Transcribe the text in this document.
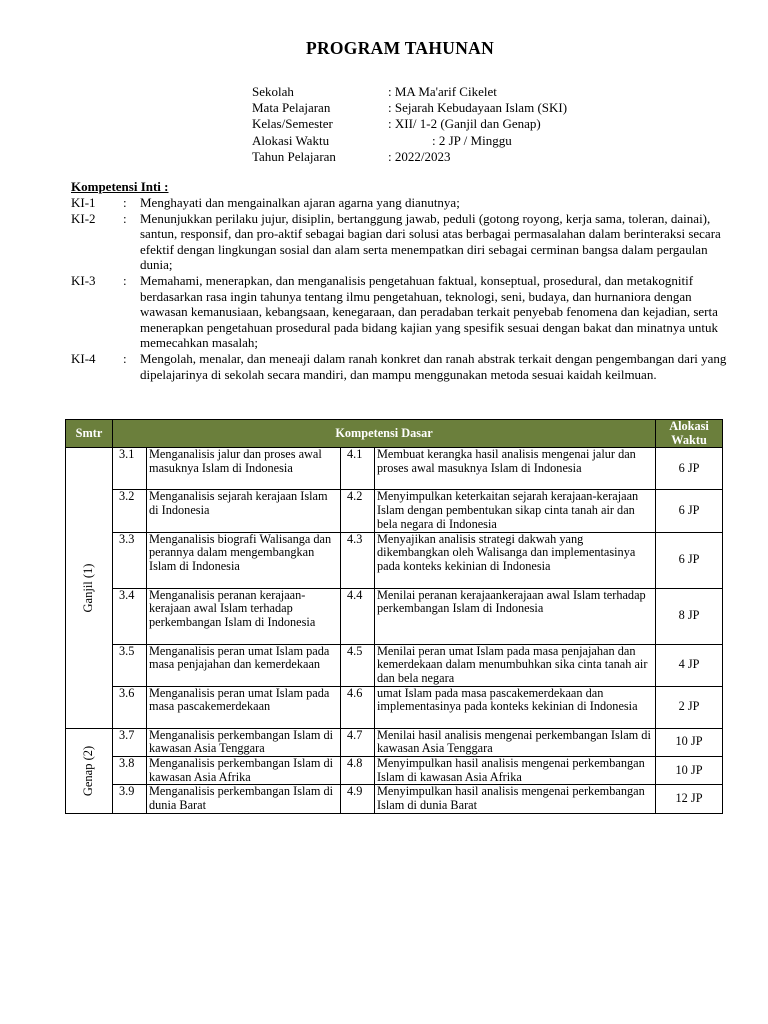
PROGRAM TAHUNAN
Sekolah	: MA Ma'arif Cikelet
Mata Pelajaran	: Sejarah Kebudayaan Islam (SKI)
Kelas/Semester	: XII/ 1-2 (Ganjil dan Genap)
Alokasi Waktu	: 2 JP / Minggu
Tahun Pelajaran	: 2022/2023
Kompetensi Inti :
KI-1	:	Menghayati dan mengainalkan ajaran agarna yang dianutnya;
KI-2	:	Menunjukkan perilaku jujur, disiplin, bertanggung jawab, peduli (gotong royong, kerja sama, toleran, dainai), santun, responsif, dan pro-aktif sebagai bagian dari solusi atas berbagai permasalahan dalam berinteraksi secara efektif dengan lingkungan sosial dan alam serta menempatkan diri sebagai cerminan bangsa dalam pergaulan dunia;
KI-3	:	Memahami, menerapkan, dan menganalisis pengetahuan faktual, konseptual, prosedural, dan metakognitif berdasarkan rasa ingin tahunya tentang ilmu pengetahuan, teknologi, seni, budaya, dan hurnaniora dengan wawasan kemanusiaan, kebangsaan, kenegaraan, dan peradaban terkait penyebab fenomena dan kejadian, serta menerapkan pengetahuan prosedural pada bidang kajian yang spesifik sesuai dengan bakat dan minatnya untuk memecahkan masalah;
KI-4	:	Mengolah, menalar, dan meneaji dalam ranah konkret dan ranah abstrak terkait dengan pengembangan dari yang dipelajarinya di sekolah secara mandiri, dan mampu menggunakan metoda sesuai kaidah keilmuan.
Smtr	Kompetensi Dasar				Alokasi
Waktu

Ganjil (1)	3.1	Menganalisis jalur dan proses awal masuknya Islam di Indonesia	4.1	Membuat kerangka hasil analisis mengenai jalur dan proses awal masuknya Islam di Indonesia	6 JP
	3.2	Menganalisis sejarah kerajaan Islam di Indonesia	4.2	Menyimpulkan keterkaitan sejarah kerajaan-kerajaan Islam dengan pembentukan sikap cinta tanah air dan bela negara di Indonesia	6 JP
	3.3	Menganalisis biografi Walisanga dan perannya dalam mengembangkan Islam di Indonesia	4.3	Menyajikan analisis strategi dakwah yang dikembangkan oleh Walisanga dan implementasinya pada konteks kekinian di Indonesia	6 JP
	3.4	Menganalisis peranan kerajaan-kerajaan awal Islam terhadap perkembangan Islam di Indonesia	4.4	Menilai peranan kerajaankerajaan awal Islam terhadap perkembangan Islam di Indonesia	8 JP
	3.5	Menganalisis peran umat Islam pada masa penjajahan dan kemerdekaan	4.5	Menilai peran umat Islam pada masa penjajahan dan kemerdekaan dalam menumbuhkan sika cinta tanah air dan bela negara	4 JP
	3.6	Menganalisis peran umat Islam pada masa pascakemerdekaan	4.6	umat Islam pada masa pascakemerdekaan dan implementasinya pada konteks kekinian di Indonesia	2 JP

Genap (2)	3.7	Menganalisis perkembangan Islam di kawasan Asia Tenggara	4.7	Menilai hasil analisis mengenai perkembangan Islam di kawasan Asia Tenggara	10 JP
	3.8	Menganalisis perkembangan Islam di kawasan Asia Afrika	4.8	Menyimpulkan hasil analisis mengenai perkembangan Islam di kawasan Asia Afrika	10 JP
	3.9	Menganalisis perkembangan Islam di dunia Barat	4.9	Menyimpulkan hasil analisis mengenai perkembangan Islam di dunia Barat	12 JP
